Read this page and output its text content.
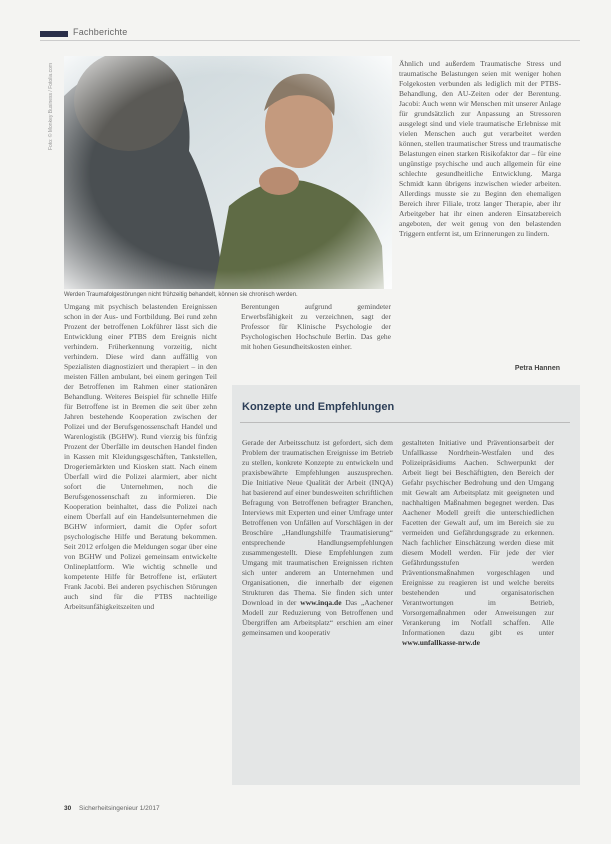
Fachberichte
Foto: © Monkey Business / Fotolia.com
Werden Traumafolgestörungen nicht frühzeitig behandelt, können sie chronisch werden.

Umgang mit psychisch belastenden Ereignissen schon in der Aus- und Fortbildung. Bei rund zehn Prozent der betroffenen Lokführer lässt sich die Entwicklung einer PTBS dem Ereignis nicht verhindern. Früherkennung vorzeitig, nicht verhindern. Diese wird dann auffällig von Spezialisten diagnostiziert und therapiert – in den meisten Fällen ambulant, bei einem geringen Teil der Betroffenen im Rahmen einer stationären Behandlung. Weiteres Beispiel für schnelle Hilfe für Betroffene ist in Bremen die seit über zehn Jahren bestehende Kooperation zwischen der Polizei und der Berufsgenossenschaft Handel und Warenlogistik (BGHW). Rund vierzig bis fünfzig Prozent der Überfälle im deutschen Handel finden in Kassen mit Kleidungsgeschäften, Tankstellen, Drogeriemärkten und Kiosken statt. Nach einem Überfall wird die Polizei alarmiert, aber nicht sofort die Unternehmen, noch die Berufsgenossenschaft zu informieren. Die Kooperation beinhaltet, dass die Polizei nach einem Überfall auf ein Handelsunternehmen die BGHW informiert, damit die Opfer sofort psychologische Hilfe und Beratung bekommen. Seit 2012 erfolgen die Meldungen sogar über eine von BGHW und Polizei gemeinsam entwickelte Onlineplattform. Wie wichtig schnelle und kompetente Hilfe für Betroffene ist, erläutert Frank Jacobi. Bei anderen psychischen Störungen auch sind für die PTBS nachteilige Arbeitsunfähigkeitszeiten und

Berentungen aufgrund gemindeter Erwerbsfähigkeit zu verzeichnen, sagt der Professor für Klinische Psychologie der Psychologischen Hochschule Berlin. Das gehe mit hohen Gesundheitskosten einher.

Ähnlich und außerdem Traumatische Stress und traumatische Belastungen seien mit weniger hohen Folgekosten verbunden als lediglich mit der PTBS-Behandlung, den AU-Zeiten oder der Berentung. Jacobi: Auch wenn wir Menschen mit unserer Anlage für grundsätzlich zur Anpassung an Stressoren ausgelegt sind und viele traumatische Erlebnisse mit vielen Menschen auch gut verarbeitet werden können, stellen traumatischer Stress und traumatische Belastungen einen starken Risikofaktor dar – für eine ungünstige psychische und auch allgemein für eine schlechte gesundheitliche Entwicklung. Marga Schmidt kann übrigens inzwischen wieder arbeiten. Allerdings musste sie zu Beginn den ehemaligen Bereich ihrer Filiale, trotz langer Therapie, aber ihr Arbeitgeber hat ihr einen anderen Einsatzbereich angeboten, der weit genug von den belastenden Triggern entfernt ist, um Erinnerungen zu lindern.

Petra Hannen
Konzepte und Empfehlungen

Gerade der Arbeitsschutz ist gefordert, sich dem Problem der traumatischen Ereignisse im Betrieb zu stellen, konkrete Konzepte zu entwickeln und praxisbewährte Empfehlungen auszusprechen. Die Initiative Neue Qualität der Arbeit (INQA) hat basierend auf einer bundesweiten schriftlichen Befragung von Betroffenen befragter Branchen, Interviews mit Experten und einer Umfrage unter Betroffenen von Unfällen auf Vorschlägen in der Broschüre „Handlungshilfe Traumatisierung“ entsprechende Handlungsempfehlungen zusammengestellt. Diese Empfehlungen zum Umgang mit traumatischen Ereignissen richten sich unter anderem an Unternehmen und Organisationen, die innerhalb der eigenen Strukturen das Thema. Sie finden sich unter Download in der www.inqa.de Das „Aachener Modell zur Reduzierung von Betroffenen und Übergriffen am Arbeitsplatz“ erschien am einer gemeinsamen und kooperativ

gestalteten Initiative und Präventionsarbeit der Unfallkasse Nordrhein-Westfalen und des Polizeipräsidiums Aachen. Schwerpunkt der Arbeit liegt bei Beschäftigten, den Bereich der Gefahr psychischer Bedrohung und den Umgang mit Gewalt am Arbeitsplatz mit geeigneten und nachhaltigen Maßnahmen begegnet werden. Das Aachener Modell greift die unterschiedlichen Facetten der Gewalt auf, um im Bereich sie zu vermeiden und Gefährdungsgrade zu erkennen. Nach fachlicher Einschätzung werden diese mit diesem Modell werden. Für jede der vier Gefährdungsstufen werden Präventionsmaßnahmen vorgeschlagen und Ereignisse zu reagieren ist und welche bereits bestehenden und organisatorischen Verantwortungen im Betrieb, Vorsorgemaßnahmen oder Anweisungen zur Verankerung im Notfall schaffen. Alle Informationen dazu gibt es unter www.unfallkasse-nrw.de

30 Sicherheitsingenieur 1/2017
